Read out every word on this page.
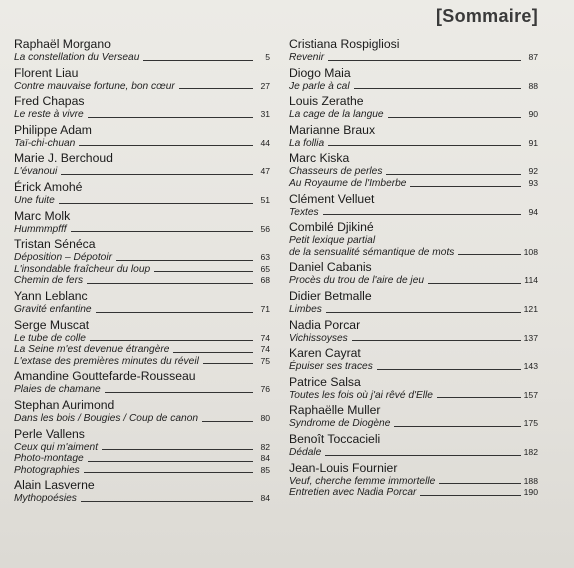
[Sommaire]
Raphaël Morgano
La constellation du Verseau	5
Florent Liau
Contre mauvaise fortune, bon cœur	27
Fred Chapas
Le reste à vivre	31
Philippe Adam
Taï-chi-chuan	44
Marie J. Berchoud
L'évanoui	47
Érick Amohé
Une fuite	51
Marc Molk
Hummmpfff	56
Tristan Sénéca
Déposition – Dépotoir	63
L'insondable fraîcheur du loup	65
Chemin de fers	68
Yann Leblanc
Gravité enfantine	71
Serge Muscat
Le tube de colle	74
La Seine m'est devenue étrangère	74
L'extase des premières minutes du réveil	75
Amandine Gouttefarde-Rousseau
Plaies de chamane	76
Stephan Aurimond
Dans les bois / Bougies / Coup de canon	80
Perle Vallens
Ceux qui m'aiment	82
Photo-montage	84
Photographies	85
Alain Lasverne
Mythopoésies	84
Cristiana Rospigliosi
Revenir	87
Diogo Maia
Je parle à cal	88
Louis Zerathe
La cage de la langue	90
Marianne Braux
La follia	91
Marc Kiska
Chasseurs de perles	92
Au Royaume de l'Imberbe	93
Clément Velluet
Textes	94
Combilé Djikiné
Petit lexique partial
de la sensualité sémantique de mots	108
Daniel Cabanis
Procès du trou de l'aire de jeu	114
Didier Betmalle
Limbes	121
Nadia Porcar
Vichissoyses	137
Karen Cayrat
Épuiser ses traces	143
Patrice Salsa
Toutes les fois où j'ai rêvé d'Elle	157
Raphaëlle Muller
Syndrome de Diogène	175
Benoît Toccacieli
Dédale	182
Jean-Louis Fournier
Veuf, cherche femme immortelle	188
Entretien avec Nadia Porcar	190
